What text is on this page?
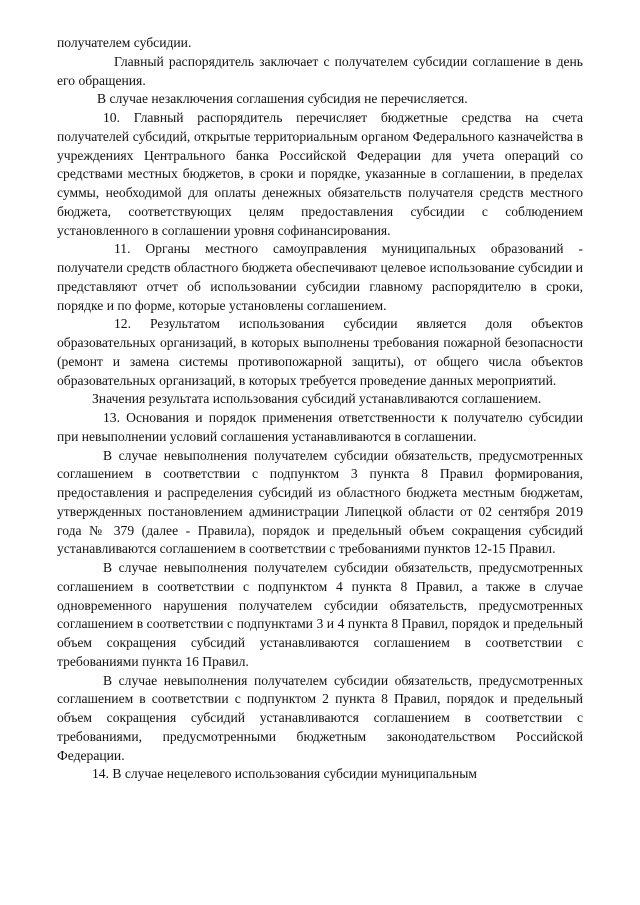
получателем субсидии.

Главный распорядитель заключает с получателем субсидии соглашение в день его обращения.

В случае незаключения соглашения субсидия не перечисляется.

10. Главный распорядитель перечисляет бюджетные средства на счета получателей субсидий, открытые территориальным органом Федерального казначейства в учреждениях Центрального банка Российской Федерации для учета операций со средствами местных бюджетов, в сроки и порядке, указанные в соглашении, в пределах суммы, необходимой для оплаты денежных обязательств получателя средств местного бюджета, соответствующих целям предоставления субсидии с соблюдением установленного в соглашении уровня софинансирования.

11. Органы местного самоуправления муниципальных образований - получатели средств областного бюджета обеспечивают целевое использование субсидии и представляют отчет об использовании субсидии главному распорядителю в сроки, порядке и по форме, которые установлены соглашением.

12. Результатом использования субсидии является доля объектов образовательных организаций, в которых выполнены требования пожарной безопасности (ремонт и замена системы противопожарной защиты), от общего числа объектов образовательных организаций, в которых требуется проведение данных мероприятий.

Значения результата использования субсидий устанавливаются соглашением.

13. Основания и порядок применения ответственности к получателю субсидии при невыполнении условий соглашения устанавливаются в соглашении.

В случае невыполнения получателем субсидии обязательств, предусмотренных соглашением в соответствии с подпунктом 3 пункта 8 Правил формирования, предоставления и распределения субсидий из областного бюджета местным бюджетам, утвержденных постановлением администрации Липецкой области от 02 сентября 2019 года № 379 (далее - Правила), порядок и предельный объем сокращения субсидий устанавливаются соглашением в соответствии с требованиями пунктов 12-15 Правил.

В случае невыполнения получателем субсидии обязательств, предусмотренных соглашением в соответствии с подпунктом 4 пункта 8 Правил, а также в случае одновременного нарушения получателем субсидии обязательств, предусмотренных соглашением в соответствии с подпунктами 3 и 4 пункта 8 Правил, порядок и предельный объем сокращения субсидий устанавливаются соглашением в соответствии с требованиями пункта 16 Правил.

В случае невыполнения получателем субсидии обязательств, предусмотренных соглашением в соответствии с подпунктом 2 пункта 8 Правил, порядок и предельный объем сокращения субсидий устанавливаются соглашением в соответствии с требованиями, предусмотренными бюджетным законодательством Российской Федерации.

14. В случае нецелевого использования субсидии муниципальным
